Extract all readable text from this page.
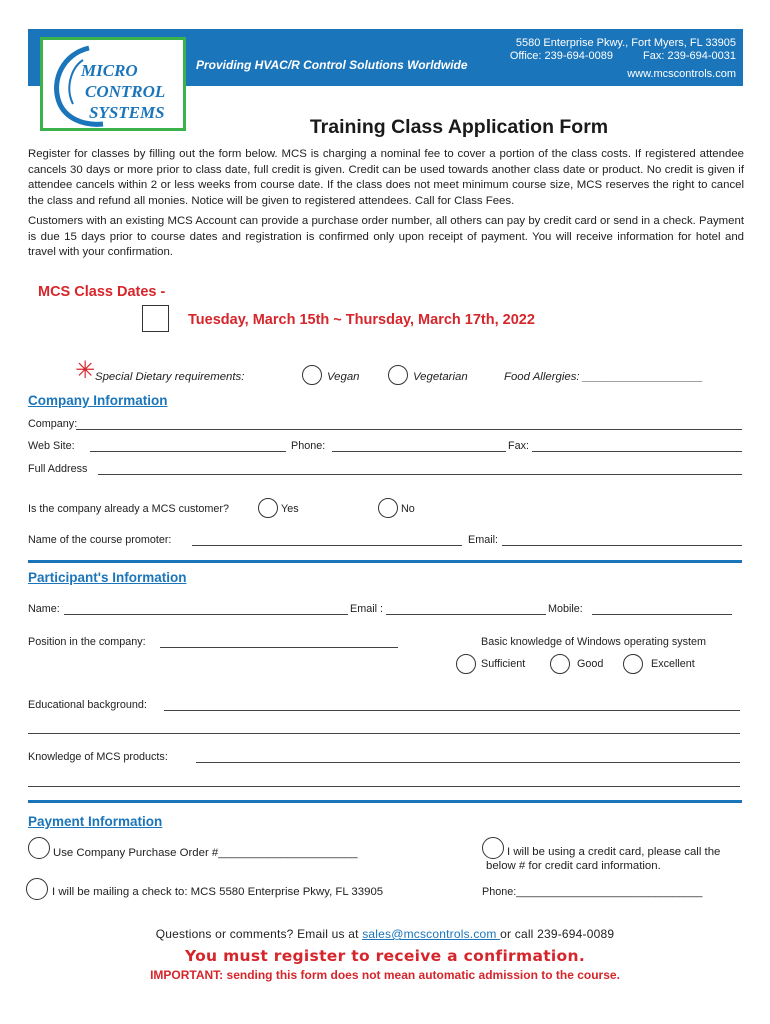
MICRO
CONTROL
SYSTEMS
Providing HVAC/R Control Solutions Worldwide
5580 Enterprise Pkwy., Fort Myers, FL 33905
Office: 239-694-0089	Fax: 239-694-0031
www.mcscontrols.com
Training Class Application Form
Register for classes by filling out the form below. MCS is charging a nominal fee to cover a portion of the class costs. If registered attendee cancels 30 days or more prior to class date, full credit is given. Credit can be used towards another class date or product. No credit is given if attendee cancels within 2 or less weeks from course date. If the class does not meet minimum course size, MCS reserves the right to cancel the class and refund all monies. Notice will be given to registered attendees. Call for Class Fees.
Customers with an existing MCS Account can provide a purchase order number, all others can pay by credit card or send in a check. Payment is due 15 days prior to course dates and registration is confirmed only upon receipt of payment. You will receive information for hotel and travel with your confirmation.
MCS Class Dates -
Tuesday, March 15th ~ Thursday, March 17th, 2022
✳ Special Dietary requirements:	Vegan	Vegetarian	Food Allergies: ___________________
Company Information
Company:
Web Site:	Phone:	Fax:
Full Address
Is the company already a MCS customer?	Yes	No
Name of the course promoter:	Email:
Participant's Information
Name:	Email :	Mobile:
Position in the company:	Basic knowledge of Windows operating system
Sufficient	Good	Excellent
Educational background:
Knowledge of MCS products:
Payment Information
Use Company Purchase Order #______________________	I will be using a credit card, please call the
below # for credit card information.
I will be mailing a check to: MCS 5580 Enterprise Pkwy, FL 33905	Phone:_______________________________
Questions or comments? Email us at sales@mcscontrols.com or call 239-694-0089
You must register to receive a confirmation.
IMPORTANT: sending this form does not mean automatic admission to the course.
